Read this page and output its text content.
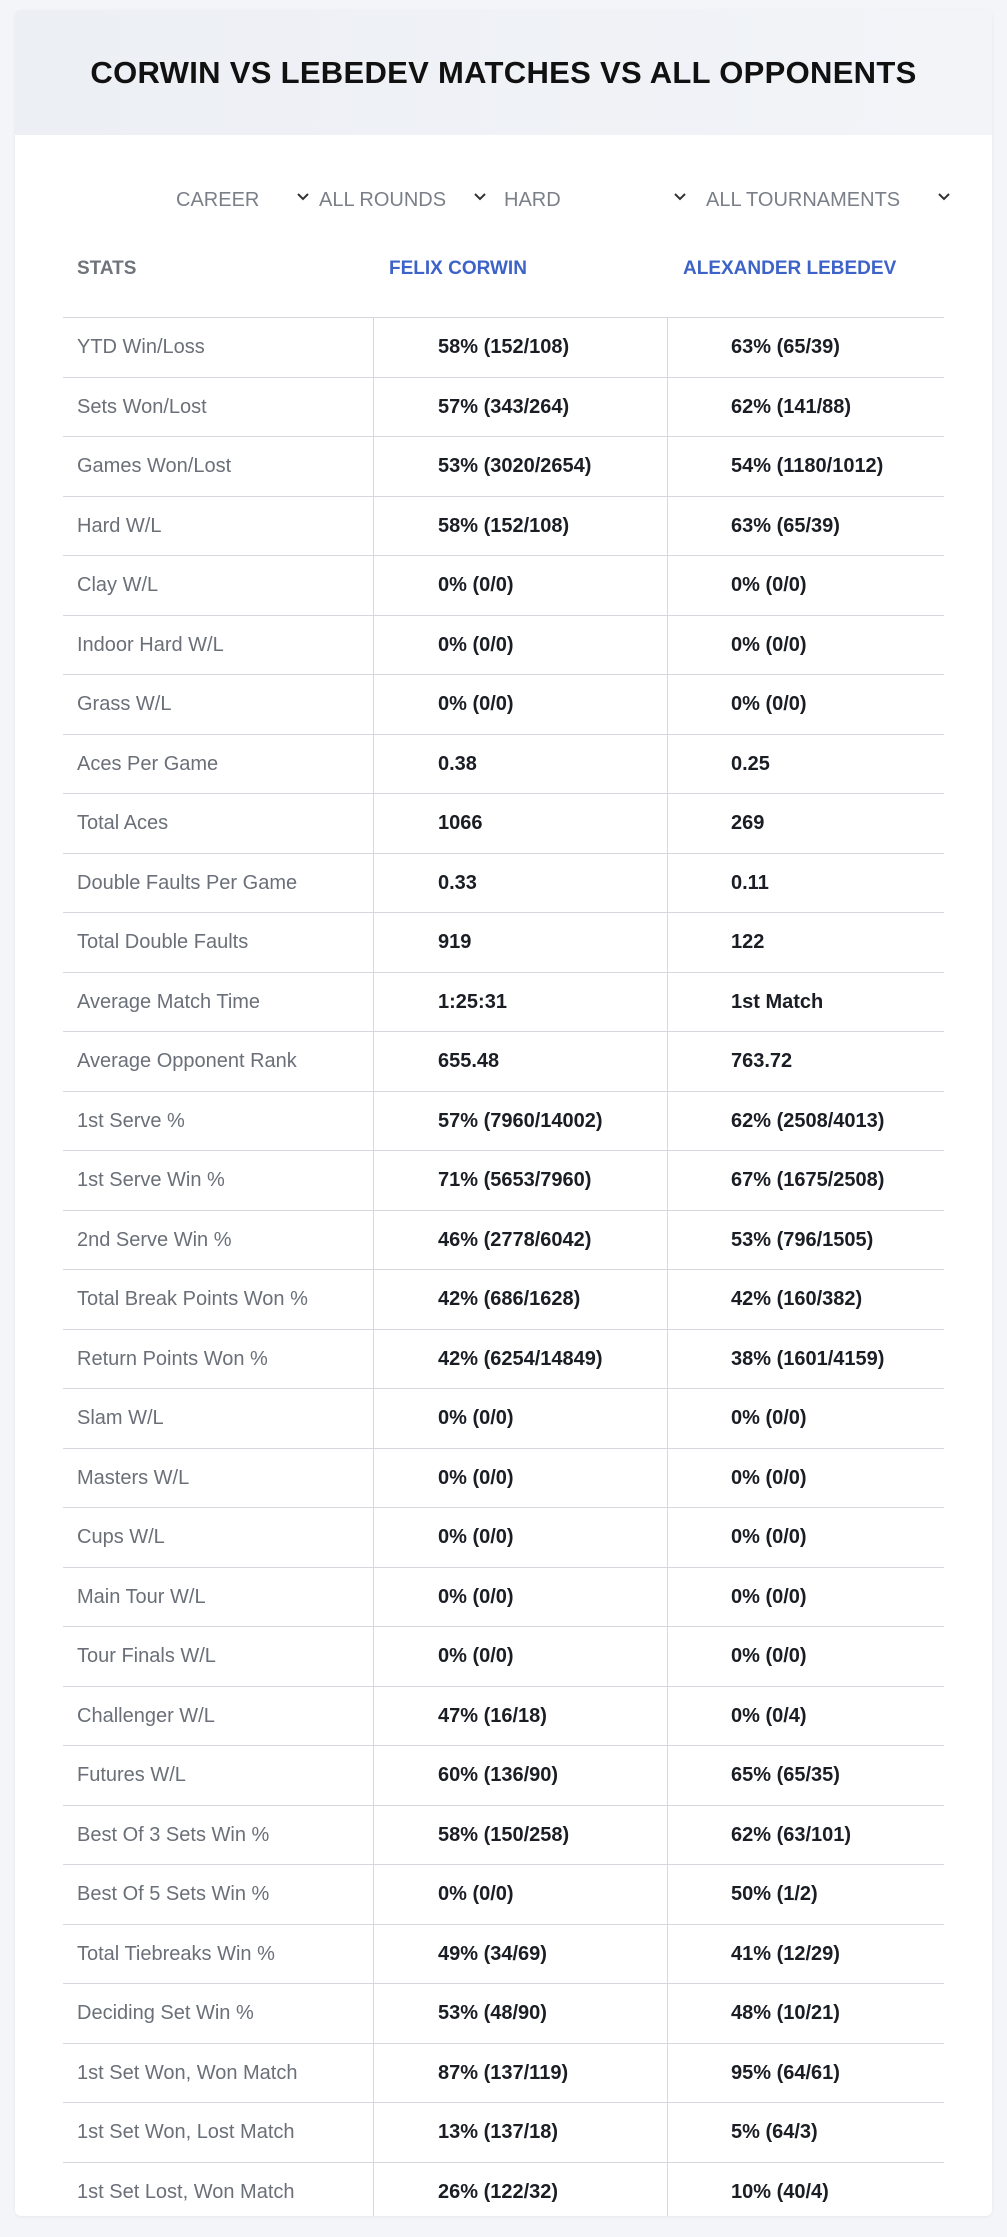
CORWIN VS LEBEDEV MATCHES VS ALL OPPONENTS
CAREER	ALL ROUNDS	HARD	ALL TOURNAMENTS
STATS	FELIX CORWIN	ALEXANDER LEBEDEV
YTD Win/Loss	58% (152/108)	63% (65/39)
Sets Won/Lost	57% (343/264)	62% (141/88)
Games Won/Lost	53% (3020/2654)	54% (1180/1012)
Hard W/L	58% (152/108)	63% (65/39)
Clay W/L	0% (0/0)	0% (0/0)
Indoor Hard W/L	0% (0/0)	0% (0/0)
Grass W/L	0% (0/0)	0% (0/0)
Aces Per Game	0.38	0.25
Total Aces	1066	269
Double Faults Per Game	0.33	0.11
Total Double Faults	919	122
Average Match Time	1:25:31	1st Match
Average Opponent Rank	655.48	763.72
1st Serve %	57% (7960/14002)	62% (2508/4013)
1st Serve Win %	71% (5653/7960)	67% (1675/2508)
2nd Serve Win %	46% (2778/6042)	53% (796/1505)
Total Break Points Won %	42% (686/1628)	42% (160/382)
Return Points Won %	42% (6254/14849)	38% (1601/4159)
Slam W/L	0% (0/0)	0% (0/0)
Masters W/L	0% (0/0)	0% (0/0)
Cups W/L	0% (0/0)	0% (0/0)
Main Tour W/L	0% (0/0)	0% (0/0)
Tour Finals W/L	0% (0/0)	0% (0/0)
Challenger W/L	47% (16/18)	0% (0/4)
Futures W/L	60% (136/90)	65% (65/35)
Best Of 3 Sets Win %	58% (150/258)	62% (63/101)
Best Of 5 Sets Win %	0% (0/0)	50% (1/2)
Total Tiebreaks Win %	49% (34/69)	41% (12/29)
Deciding Set Win %	53% (48/90)	48% (10/21)
1st Set Won, Won Match	87% (137/119)	95% (64/61)
1st Set Won, Lost Match	13% (137/18)	5% (64/3)
1st Set Lost, Won Match	26% (122/32)	10% (40/4)
